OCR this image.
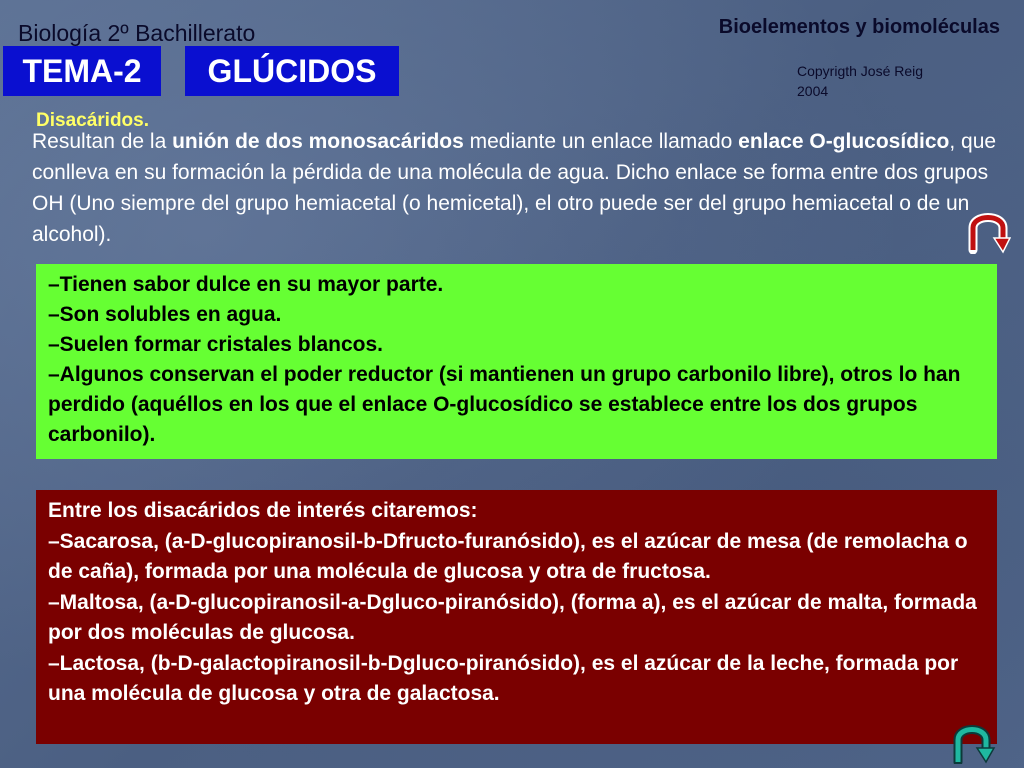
Biología 2º Bachillerato	Bioelementos y biomoléculas
TEMA-2	GLÚCIDOS	Copyrigth José Reig
2004
Disacáridos.
Resultan de la unión de dos monosacáridos mediante un enlace llamado enlace O-glucosídico, que conlleva en su formación la pérdida de una molécula de agua. Dicho enlace se forma entre dos grupos OH (Uno siempre del grupo hemiacetal (o hemicetal), el otro puede ser del grupo hemiacetal o de un alcohol).
–Tienen sabor dulce en su mayor parte.
–Son solubles en agua.
–Suelen formar cristales blancos.
–Algunos conservan el poder reductor (si mantienen un grupo carbonilo libre), otros lo han perdido (aquéllos en los que el enlace O-glucosídico se establece entre los dos grupos carbonilo).
Entre los disacáridos de interés citaremos:
–Sacarosa, (a-D-glucopiranosil-b-Dfructo-furanósido), es el azúcar de mesa (de remolacha o de caña), formada por una molécula de glucosa y otra de fructosa.
–Maltosa, (a-D-glucopiranosil-a-Dgluco-piranósido), (forma a), es el azúcar de malta, formada por dos moléculas de glucosa.
–Lactosa, (b-D-galactopiranosil-b-Dgluco-piranósido), es el azúcar de la leche, formada por una molécula de glucosa y otra de galactosa.
